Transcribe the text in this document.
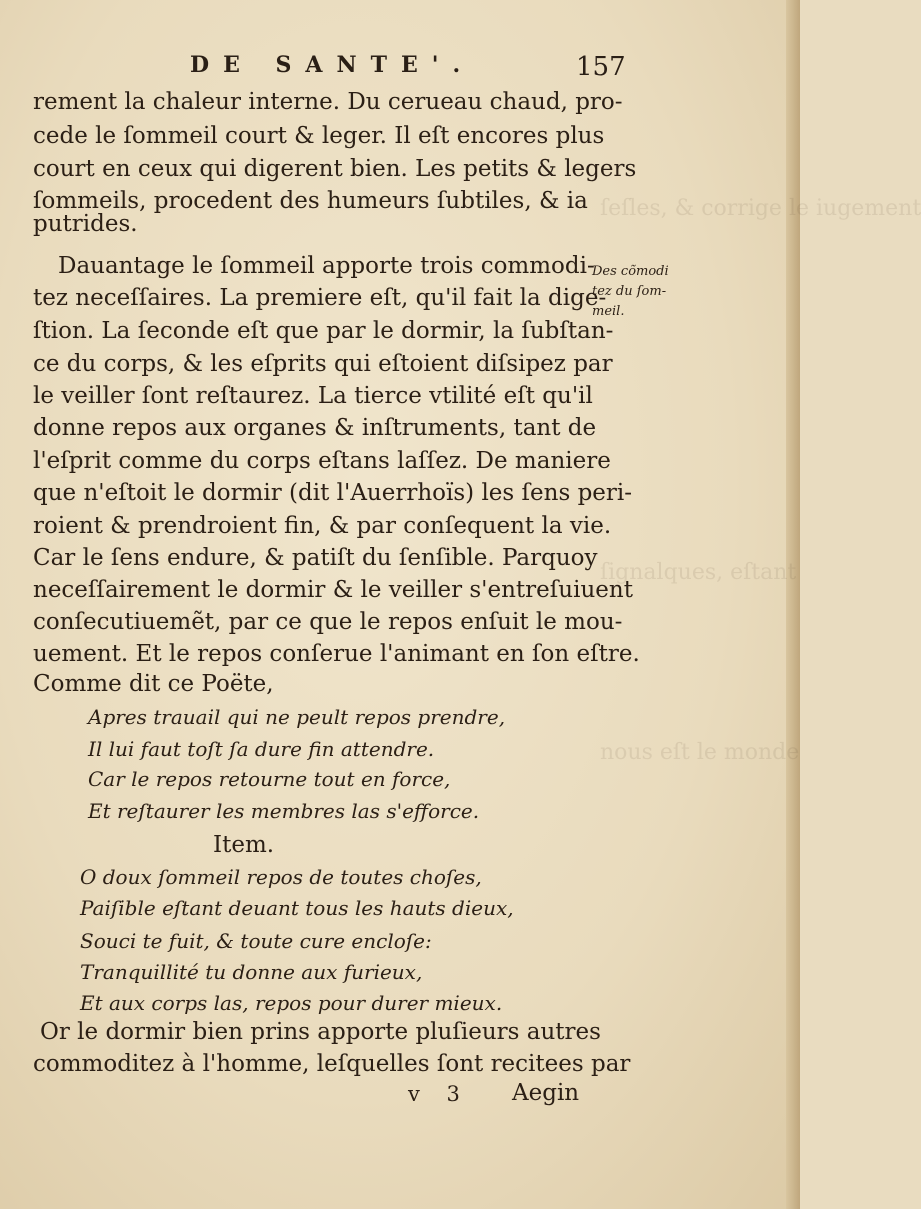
ſeſles, & corrige le iugement
ſignalques, eſtant
nous eſt le monde
DE SANTE'.	157
rement la chaleur interne. Du cerueau chaud, pro-
cede le ſommeil court & leger. Il eſt encores plus
court en ceux qui digerent bien. Les petits & legers
ſommeils, procedent des humeurs ſubtiles, & ia
putrides.
Dauantage le ſommeil apporte trois commodi-
tez neceſſaires. La premiere eſt, qu'il fait la dige-
ſtion. La ſeconde eſt que par le dormir, la ſubſtan-
ce du corps, & les eſprits qui eſtoient diſsipez par
le veiller ſont reſtaurez. La tierce vtilité eſt qu'il
donne repos aux organes & inſtruments, tant de
l'eſprit comme du corps eſtans laſſez. De maniere
que n'eſtoit le dormir (dit l'Auerrhoïs) les ſens peri-
roient & prendroient fin, & par conſequent la vie.
Car le ſens endure, & patiſt du ſenſible. Parquoy
neceſſairement le dormir & le veiller s'entreſuiuent
conſecutiuemẽt, par ce que le repos enſuit le mou-
uement. Et le repos conſerue l'animant en ſon eſtre.
Comme dit ce Poëte,
Apres trauail qui ne peult repos prendre,
Il lui faut toſt ſa dure fin attendre.
Car le repos retourne tout en force,
Et reſtaurer les membres las s'efforce.
Item.
O doux ſommeil repos de toutes choſes,
Paiſible eſtant deuant tous les hauts dieux,
Souci te fuit, & toute cure encloſe:
Tranquillité tu donne aux furieux,
Et aux corps las, repos pour durer mieux.
Or le dormir bien prins apporte pluſieurs autres
commoditez à l'homme, leſquelles ſont recitees par
Des cõmodi
tez du ſom-
meil.
v 3 Aegin
